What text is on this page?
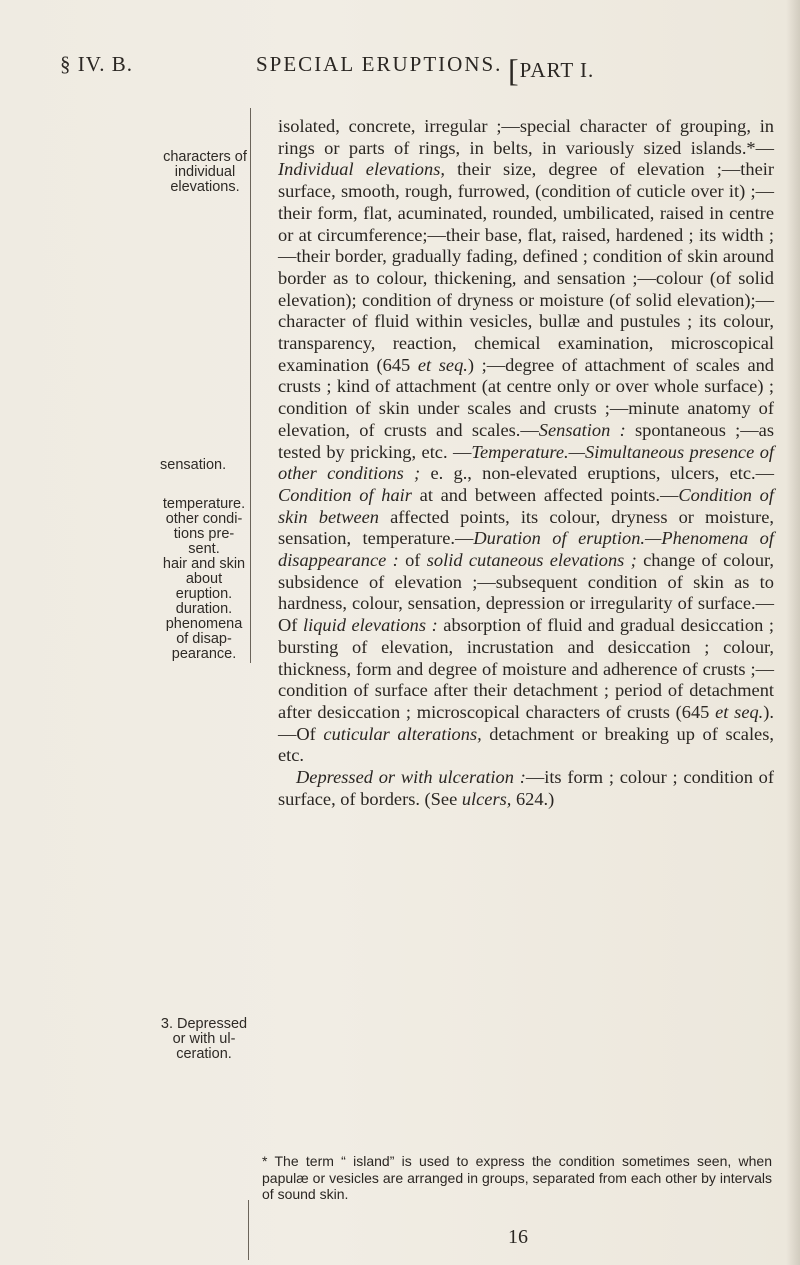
§ IV. B.	SPECIAL ERUPTIONS. [PART I.
characters of
individual
elevations.
sensation.
temperature.
other condi-
tions pre-
sent.
hair and skin
about
eruption.
duration.
phenomena
of disap-
pearance.
3. Depressed
or with ul-
ceration.

isolated, concrete, irregular ;—special character of grouping, in rings or parts of rings, in belts, in variously sized islands.*—Individual elevations, their size, degree of elevation ;—their surface, smooth, rough, furrowed, (condition of cuticle over it) ;—their form, flat, acuminated, rounded, umbilicated, raised in centre or at circumference;—their base, flat, raised, hardened ; its width ;—their border, gradually fading, defined ; condition of skin around border as to colour, thickening, and sensation ;—colour (of solid elevation); condition of dryness or moisture (of solid elevation);—character of fluid within vesicles, bullæ and pustules ; its colour, transparency, reaction, chemical examination, microscopical examination (645 et seq.) ;—degree of attachment of scales and crusts ; kind of attachment (at centre only or over whole surface) ; condition of skin under scales and crusts ;—minute anatomy of elevation, of crusts and scales.—Sensation : spontaneous ;—as tested by pricking, etc. —Temperature.—Simultaneous presence of other conditions ; e. g., non-elevated eruptions, ulcers, etc.—Condition of hair at and between affected points.—Condition of skin between affected points, its colour, dryness or moisture, sensation, temperature.—Duration of eruption.—Phenomena of disappearance : of solid cutaneous elevations ; change of colour, subsidence of elevation ;—subsequent condition of skin as to hardness, colour, sensation, depression or irregularity of surface.—Of liquid elevations : absorption of fluid and gradual desiccation ; bursting of elevation, incrustation and desiccation ; colour, thickness, form and degree of moisture and adherence of crusts ;—condition of surface after their detachment ; period of detachment after desiccation ; microscopical characters of crusts (645 et seq.).—Of cuticular alterations, detachment or breaking up of scales, etc.

Depressed or with ulceration :—its form ; colour ; condition of surface, of borders. (See ulcers, 624.)

* The term “ island” is used to express the condition sometimes seen, when papulæ or vesicles are arranged in groups, separated from each other by intervals of sound skin.
16
